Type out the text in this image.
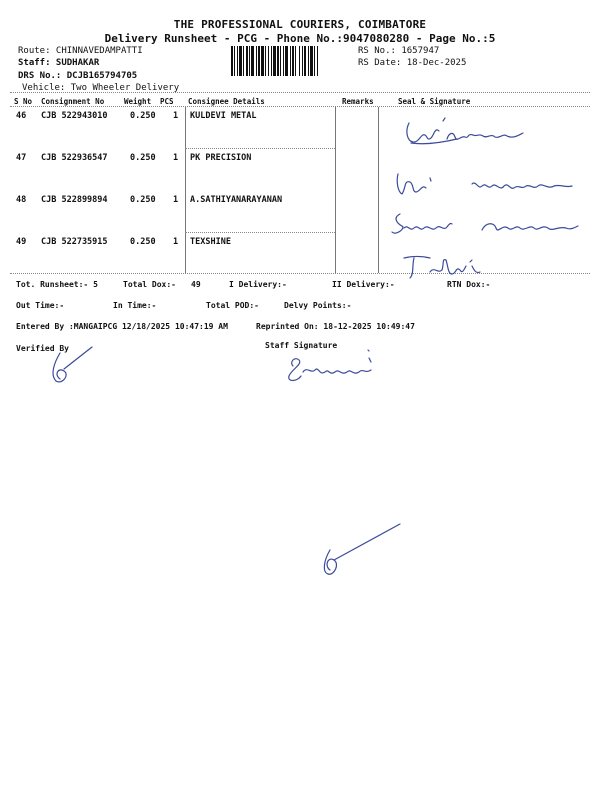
THE PROFESSIONAL COURIERS, COIMBATORE
Delivery Runsheet - PCG - Phone No.:9047080280 - Page No.:5
Route: CHINNAVEDAMPATTI
Staff: SUDHAKAR
DRS No.: DCJB165794705
Vehicle: Two Wheeler Delivery
RS No.: 1657947
RS Date: 18-Dec-2025
S No Consignment No	Weight PCS Consignee Details	Remarks	Seal & Signature
46 CJB 522943010	0.250 1 KULDEVI METAL
47 CJB 522936547	0.250 1 PK PRECISION
48 CJB 522899894	0.250 1 A.SATHIYANARAYANAN
49 CJB 522735915	0.250 1 TEXSHINE
Tot. Runsheet:- 5	Total Dox:- 49	I Delivery:-	II Delivery:-	RTN Dox:-
Out Time:-	In Time:-	Total POD:-	Delvy Points:-
Entered By :MANGAIPCG 12/18/2025 10:47:19 AM	Reprinted On: 18-12-2025 10:49:47
Verified By	Staff Signature
